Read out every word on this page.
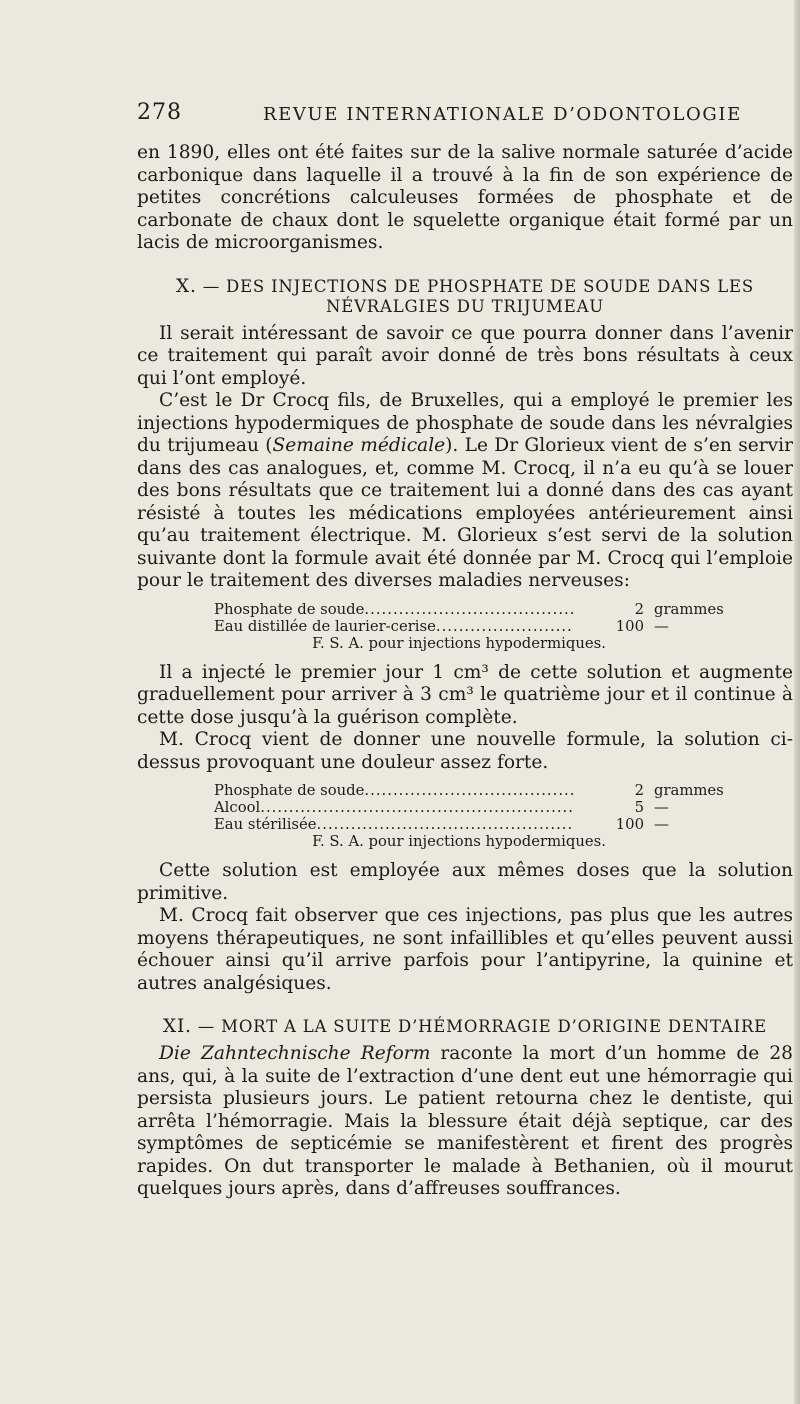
278	REVUE INTERNATIONALE D’ODONTOLOGIE

en 1890, elles ont été faites sur de la salive normale saturée d’acide carbonique dans laquelle il a trouvé à la fin de son expérience de petites concrétions calculeuses formées de phosphate et de carbonate de chaux dont le squelette organique était formé par un lacis de microorganismes.

X. — DES INJECTIONS DE PHOSPHATE DE SOUDE DANS LES NÉVRALGIES DU TRIJUMEAU

Il serait intéressant de savoir ce que pourra donner dans l’avenir ce traitement qui paraît avoir donné de très bons résultats à ceux qui l’ont employé.

C’est le Dr Crocq fils, de Bruxelles, qui a employé le premier les injections hypodermiques de phosphate de soude dans les névralgies du trijumeau (Semaine médicale). Le Dr Glorieux vient de s’en servir dans des cas analogues, et, comme M. Crocq, il n’a eu qu’à se louer des bons résultats que ce traitement lui a donné dans des cas ayant résisté à toutes les médications employées antérieurement ainsi qu’au traitement électrique. M. Glorieux s’est servi de la solution suivante dont la formule avait été donnée par M. Crocq qui l’emploie pour le traitement des diverses maladies nerveuses:

Phosphate de soude .....	2 grammes
Eau distillée de laurier-cerise .....	100 —
F. S. A. pour injections hypodermiques.

Il a injecté le premier jour 1 cm³ de cette solution et augmente graduellement pour arriver à 3 cm³ le quatrième jour et il continue à cette dose jusqu’à la guérison complète.

M. Crocq vient de donner une nouvelle formule, la solution ci-dessus provoquant une douleur assez forte.

Phosphate de soude .....	2 grammes
Alcool .....	5 —
Eau stérilisée .....	100 —
F. S. A. pour injections hypodermiques.

Cette solution est employée aux mêmes doses que la solution primitive.

M. Crocq fait observer que ces injections, pas plus que les autres moyens thérapeutiques, ne sont infaillibles et qu’elles peuvent aussi échouer ainsi qu’il arrive parfois pour l’antipyrine, la quinine et autres analgésiques.

XI. — MORT A LA SUITE D’HÉMORRAGIE D’ORIGINE DENTAIRE

Die Zahntechnische Reform raconte la mort d’un homme de 28 ans, qui, à la suite de l’extraction d’une dent eut une hémorragie qui persista plusieurs jours. Le patient retourna chez le dentiste, qui arrêta l’hémorragie. Mais la blessure était déjà septique, car des symptômes de septicémie se manifestèrent et firent des progrès rapides. On dut transporter le malade à Bethanien, où il mourut quelques jours après, dans d’affreuses souffrances.
